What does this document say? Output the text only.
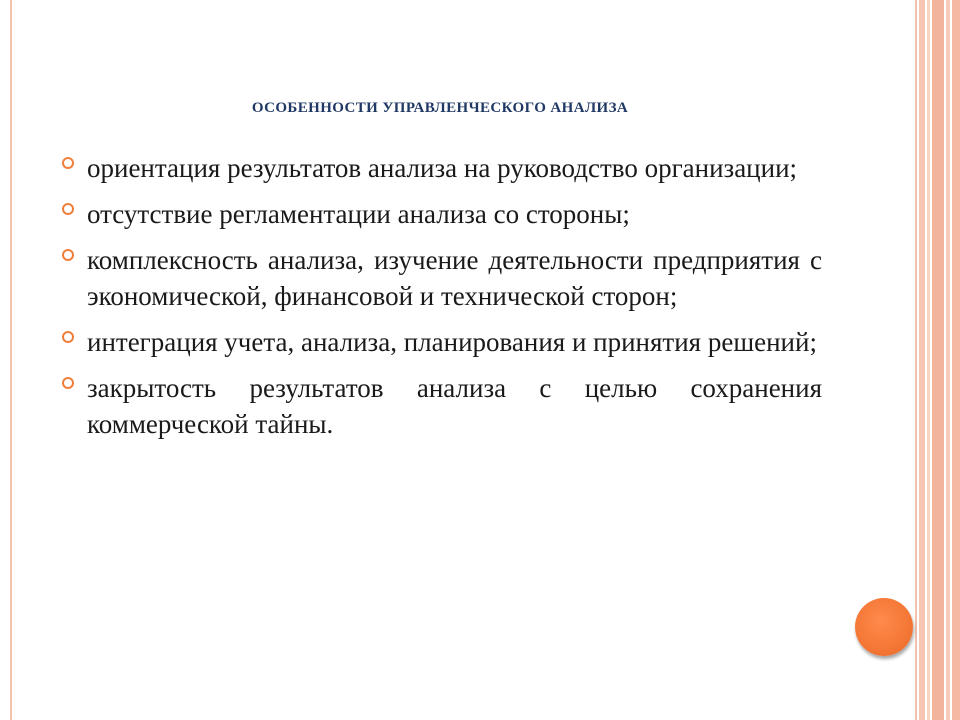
ОСОБЕННОСТИ УПРАВЛЕНЧЕСКОГО АНАЛИЗА
ориентация результатов анализа на руководство организации;
отсутствие регламентации анализа со стороны;
комплексность анализа, изучение деятельности предприятия с экономической, финансовой и технической сторон;
интеграция учета, анализа, планирования и принятия решений;
закрытость результатов анализа с целью сохранения коммерческой тайны.
